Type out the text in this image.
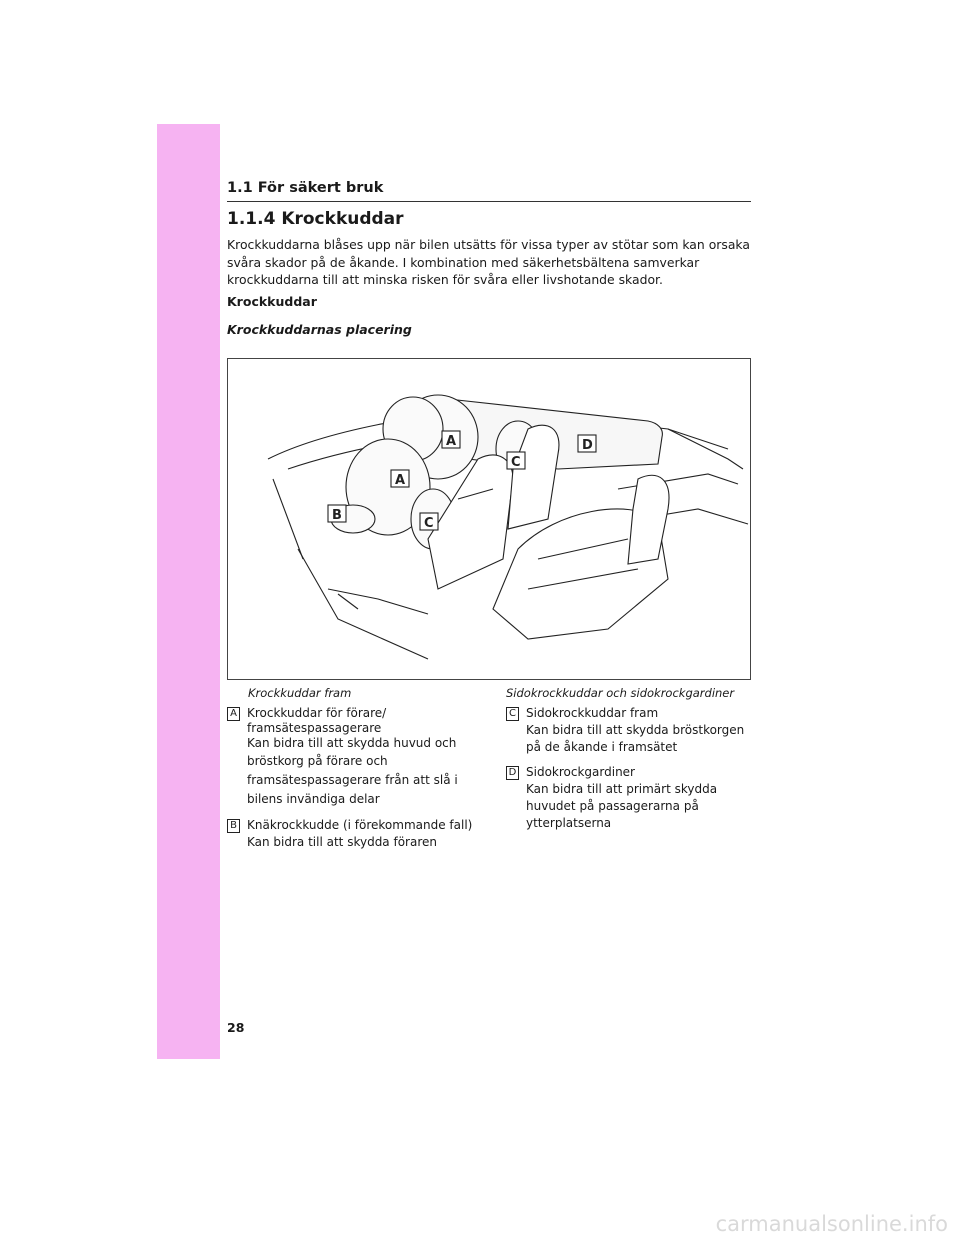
1.1 För säkert bruk
1.1.4 Krockkuddar

Krockkuddarna blåses upp när bilen utsätts för vissa typer av stötar som kan orsaka svåra skador på de åkande. I kombination med säkerhetsbältena samverkar krockkuddarna till att minska risken för svåra eller livshotande skador.

Krockkuddar

Krockkuddarnas placering

A
A
B
C
C
D
Krockkuddar fram
A Krockkuddar för förare/
framsätespassagerare
Kan bidra till att skydda huvud och
bröstkorg på förare och
framsätespassagerare från att slå i
bilens invändiga delar
B Knäkrockkudde (i förekommande fall)
Kan bidra till att skydda föraren
Sidokrockkuddar och sidokrockgardiner
C Sidokrockkuddar fram
Kan bidra till att skydda bröstkorgen
på de åkande i framsätet
D Sidokrockgardiner
Kan bidra till att primärt skydda
huvudet på passagerarna på
ytterplatserna
28
carmanualsonline.info
